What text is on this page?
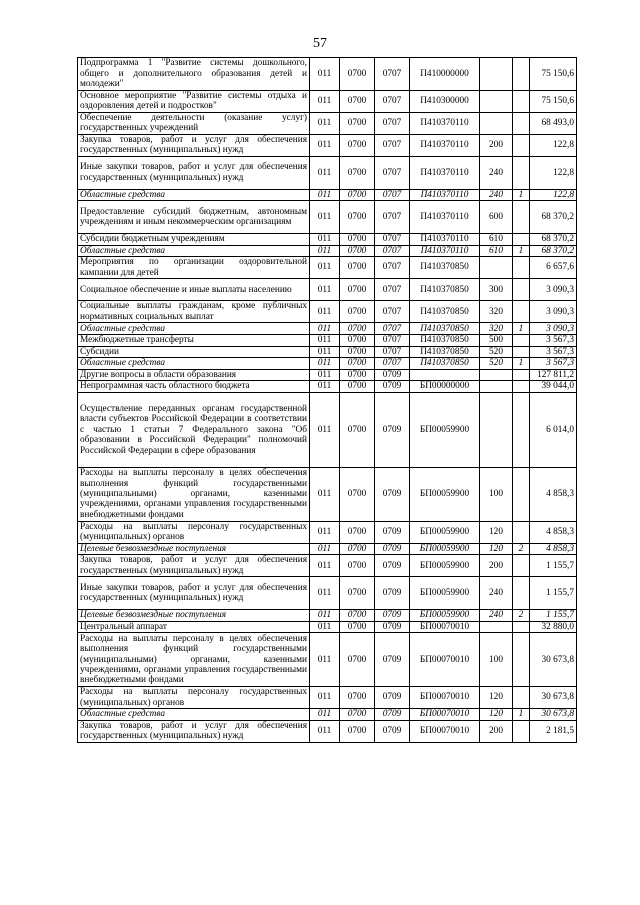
57
Подпрограмма 1 "Развитие системы дошкольного, общего и дополнительного образования детей и молодежи"	011	0700	0707	П410000000			75 150,6
Основное мероприятие "Развитие системы отдыха и оздоровления детей и подростков"	011	0700	0707	П410300000			75 150,6
Обеспечение деятельности (оказание услуг) государственных учреждений	011	0700	0707	П410370110			68 493,0
Закупка товаров, работ и услуг для обеспечения государственных (муниципальных) нужд	011	0700	0707	П410370110	200		122,8
Иные закупки товаров, работ и услуг для обеспечения государственных (муниципальных) нужд	011	0700	0707	П410370110	240		122,8
Областные средства	011	0700	0707	П410370110	240	1	122,8
Предоставление субсидий бюджетным, автономным учреждениям и иным некоммерческим организациям	011	0700	0707	П410370110	600		68 370,2
Субсидии бюджетным учреждениям	011	0700	0707	П410370110	610		68 370,2
Областные средства	011	0700	0707	П410370110	610	1	68 370,2
Мероприятия по организации оздоровительной кампании для детей	011	0700	0707	П410370850			6 657,6
Социальное обеспечение и иные выплаты населению	011	0700	0707	П410370850	300		3 090,3
Социальные выплаты гражданам, кроме публичных нормативных социальных выплат	011	0700	0707	П410370850	320		3 090,3
Областные средства	011	0700	0707	П410370850	320	1	3 090,3
Межбюджетные трансферты	011	0700	0707	П410370850	500		3 567,3
Субсидии	011	0700	0707	П410370850	520		3 567,3
Областные средства	011	0700	0707	П410370850	520	1	3 567,3
Другие вопросы в области образования	011	0700	0709				127 811,2
Непрограммная часть областного бюджета	011	0700	0709	БП00000000			39 044,0
Осуществление переданных органам государственной власти субъектов Российской Федерации в соответствии с частью 1 статьи 7 Федерального закона "Об образовании в Российской Федерации" полномочий Российской Федерации в сфере образования	011	0700	0709	БП00059900			6 014,0
Расходы на выплаты персоналу в целях обеспечения выполнения функций государственными (муниципальными) органами, казенными учреждениями, органами управления государственными внебюджетными фондами	011	0700	0709	БП00059900	100		4 858,3
Расходы на выплаты персоналу государственных (муниципальных) органов	011	0700	0709	БП00059900	120		4 858,3
Целевые безвозмездные поступления	011	0700	0709	БП00059900	120	2	4 858,3
Закупка товаров, работ и услуг для обеспечения государственных (муниципальных) нужд	011	0700	0709	БП00059900	200		1 155,7
Иные закупки товаров, работ и услуг для обеспечения государственных (муниципальных) нужд	011	0700	0709	БП00059900	240		1 155,7
Целевые безвозмездные поступления	011	0700	0709	БП00059900	240	2	1 155,7
Центральный аппарат	011	0700	0709	БП00070010			32 880,0
Расходы на выплаты персоналу в целях обеспечения выполнения функций государственными (муниципальными) органами, казенными учреждениями, органами управления государственными внебюджетными фондами	011	0700	0709	БП00070010	100		30 673,8
Расходы на выплаты персоналу государственных (муниципальных) органов	011	0700	0709	БП00070010	120		30 673,8
Областные средства	011	0700	0709	БП00070010	120	1	30 673,8
Закупка товаров, работ и услуг для обеспечения государственных (муниципальных) нужд	011	0700	0709	БП00070010	200		2 181,5
